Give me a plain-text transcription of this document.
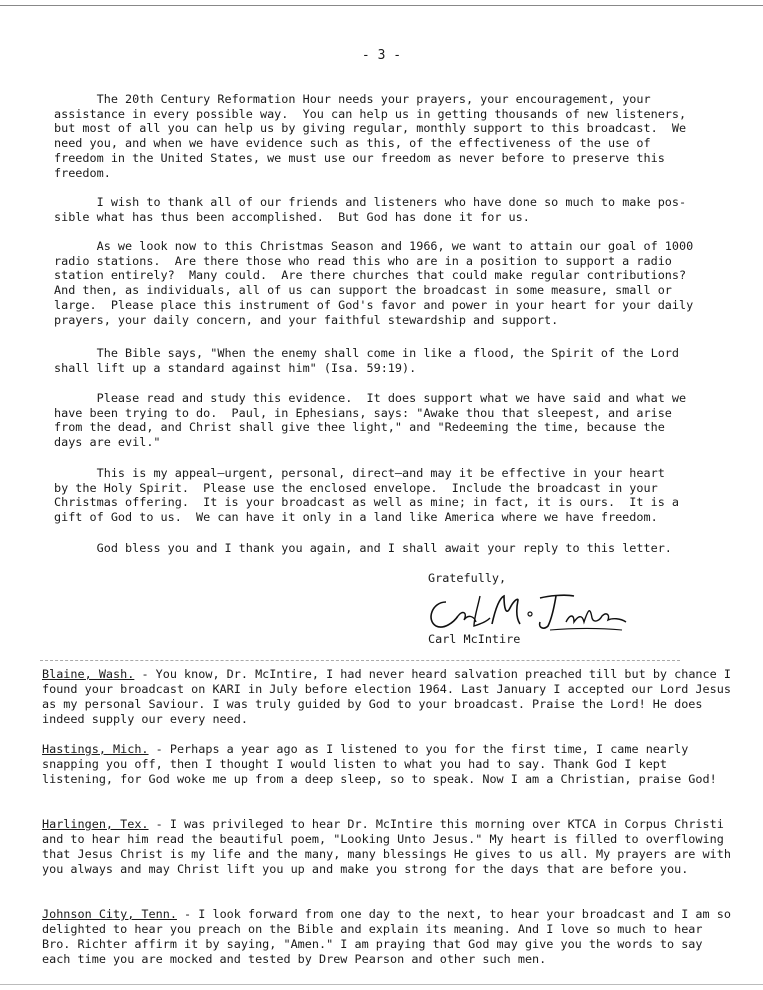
- 3 -

The 20th Century Reformation Hour needs your prayers, your encouragement, your
assistance in every possible way.  You can help us in getting thousands of new listeners,
but most of all you can help us by giving regular, monthly support to this broadcast.  We
need you, and when we have evidence such as this, of the effectiveness of the use of
freedom in the United States, we must use our freedom as never before to preserve this
freedom.

I wish to thank all of our friends and listeners who have done so much to make pos-
sible what has thus been accomplished.  But God has done it for us.

As we look now to this Christmas Season and 1966, we want to attain our goal of 1000
radio stations.  Are there those who read this who are in a position to support a radio
station entirely?  Many could.  Are there churches that could make regular contributions?
And then, as individuals, all of us can support the broadcast in some measure, small or
large.  Please place this instrument of God's favor and power in your heart for your daily
prayers, your daily concern, and your faithful stewardship and support.

The Bible says, "When the enemy shall come in like a flood, the Spirit of the Lord
shall lift up a standard against him" (Isa. 59:19).

Please read and study this evidence.  It does support what we have said and what we
have been trying to do.  Paul, in Ephesians, says: "Awake thou that sleepest, and arise
from the dead, and Christ shall give thee light," and "Redeeming the time, because the
days are evil."

This is my appeal—urgent, personal, direct—and may it be effective in your heart
by the Holy Spirit.  Please use the enclosed envelope.  Include the broadcast in your
Christmas offering.  It is your broadcast as well as mine; in fact, it is ours.  It is a
gift of God to us.  We can have it only in a land like America where we have freedom.

God bless you and I thank you again, and I shall await your reply to this letter.

Gratefully,
Carl McIntire

Blaine, Wash. - You know, Dr. McIntire, I had never heard salvation preached till but by chance I found your broadcast on KARI in July before election 1964. Last January I accepted our Lord Jesus as my personal Saviour. I was truly guided by God to your broadcast. Praise the Lord! He does indeed supply our every need.

Hastings, Mich. - Perhaps a year ago as I listened to you for the first time, I came nearly snapping you off, then I thought I would listen to what you had to say. Thank God I kept listening, for God woke me up from a deep sleep, so to speak. Now I am a Christian, praise God!

Harlingen, Tex. - I was privileged to hear Dr. McIntire this morning over KTCA in Corpus Christi and to hear him read the beautiful poem, "Looking Unto Jesus." My heart is filled to overflowing that Jesus Christ is my life and the many, many blessings He gives to us all. My prayers are with you always and may Christ lift you up and make you strong for the days that are before you.

Johnson City, Tenn. - I look forward from one day to the next, to hear your broadcast and I am so delighted to hear you preach on the Bible and explain its meaning. And I love so much to hear Bro. Richter affirm it by saying, "Amen." I am praying that God may give you the words to say each time you are mocked and tested by Drew Pearson and other such men.
